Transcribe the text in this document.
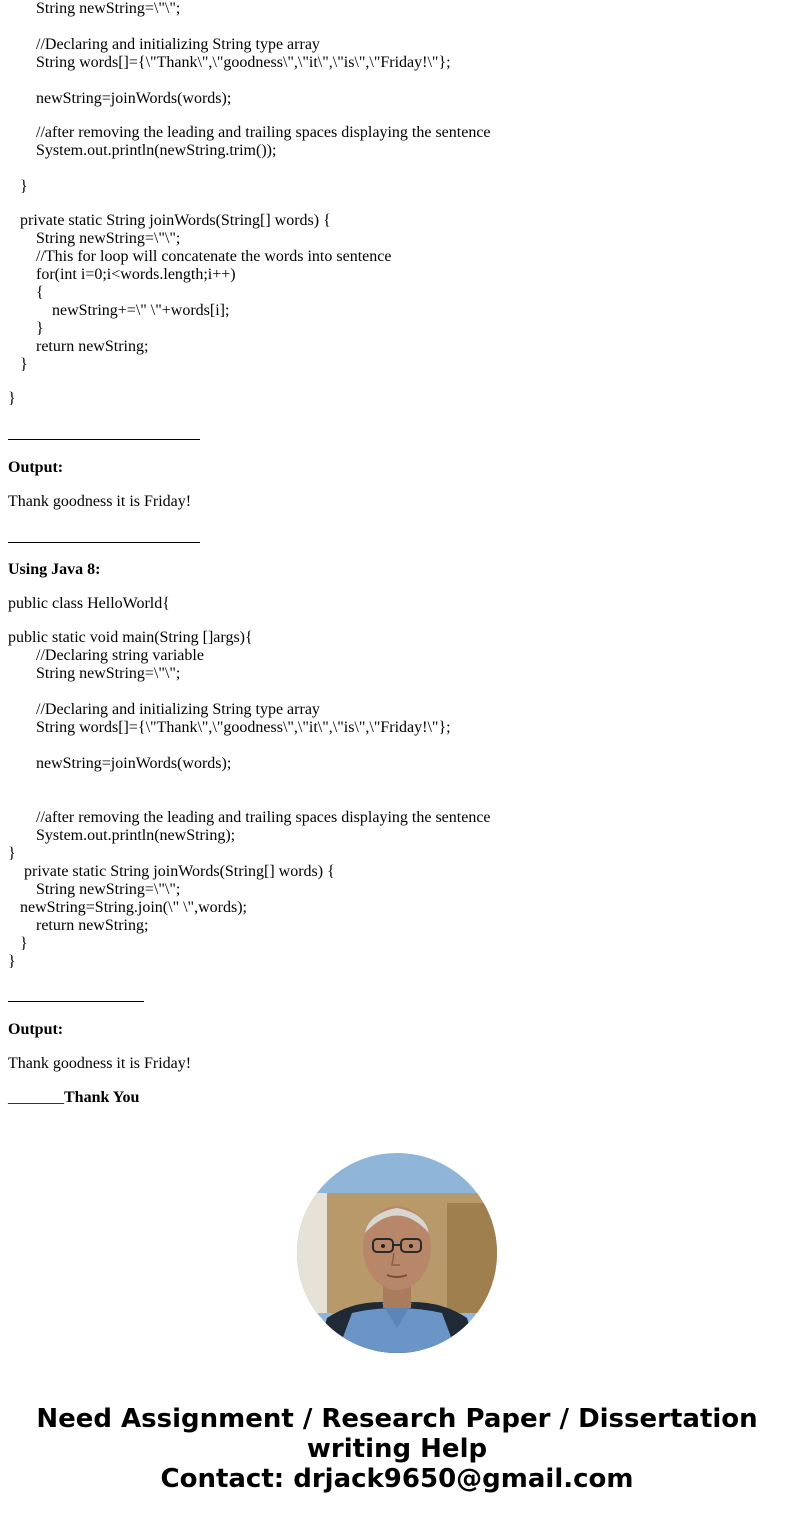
String newString=\"\";
//Declaring and initializing String type array
String words[]={\"Thank\",\"goodness\",\"it\",\"is\",\"Friday!\"};
newString=joinWords(words);
//after removing the leading and trailing spaces displaying the sentence
System.out.println(newString.trim());
}
private static String joinWords(String[] words) {
String newString=\"\";
//This for loop will concatenate the words into sentence
for(int i=0;i<words.length;i++)
{
newString+=\" \"+words[i];
}
return newString;
}
}
Output:
Thank goodness it is Friday!
Using Java 8:
public class HelloWorld{
public static void main(String []args){
//Declaring string variable
String newString=\"\";
//Declaring and initializing String type array
String words[]={\"Thank\",\"goodness\",\"it\",\"is\",\"Friday!\"};
newString=joinWords(words);
//after removing the leading and trailing spaces displaying the sentence
System.out.println(newString);
}
private static String joinWords(String[] words) {
String newString=\"\";
newString=String.join(\" \",words);
return newString;
}
}
Output:
Thank goodness it is Friday!
_______Thank You
Need Assignment / Research Paper / Dissertation
writing Help
Contact: drjack9650@gmail.com
